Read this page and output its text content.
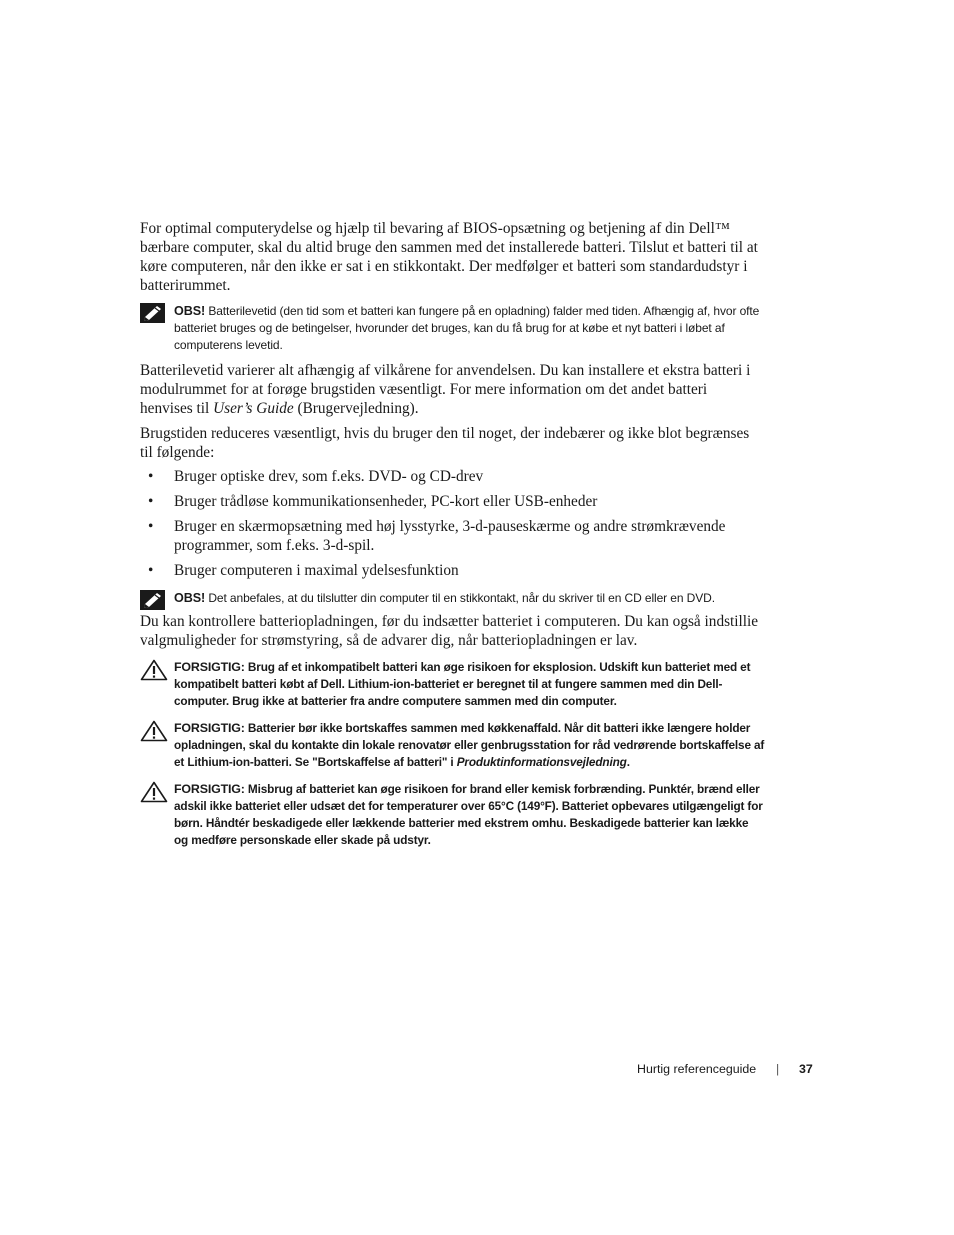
For optimal computerydelse og hjælp til bevaring af BIOS-opsætning og betjening af din Dell™ bærbare computer, skal du altid bruge den sammen med det installerede batteri. Tilslut et batteri til at køre computeren, når den ikke er sat i en stikkontakt. Der medfølger et batteri som standardudstyr i batterirummet.

OBS! Batterilevetid (den tid som et batteri kan fungere på en opladning) falder med tiden. Afhængig af, hvor ofte batteriet bruges og de betingelser, hvorunder det bruges, kan du få brug for at købe et nyt batteri i løbet af computerens levetid.

Batterilevetid varierer alt afhængig af vilkårene for anvendelsen. Du kan installere et ekstra batteri i modulrummet for at forøge brugstiden væsentligt. For mere information om det andet batteri henvises til User’s Guide (Brugervejledning).

Brugstiden reduceres væsentligt, hvis du bruger den til noget, der indebærer og ikke blot begrænses til følgende:

• Bruger optiske drev, som f.eks. DVD- og CD-drev
• Bruger trådløse kommunikationsenheder, PC-kort eller USB-enheder
• Bruger en skærmopsætning med høj lysstyrke, 3-d-pauseskærme og andre strømkrævende programmer, som f.eks. 3-d-spil.
• Bruger computeren i maximal ydelsesfunktion
OBS! Det anbefales, at du tilslutter din computer til en stikkontakt, når du skriver til en CD eller en DVD.

Du kan kontrollere batteriopladningen, før du indsætter batteriet i computeren. Du kan også indstillie valgmuligheder for strømstyring, så de advarer dig, når batteriopladningen er lav.

FORSIGTIG: Brug af et inkompatibelt batteri kan øge risikoen for eksplosion. Udskift kun batteriet med et kompatibelt batteri købt af Dell. Lithium-ion-batteriet er beregnet til at fungere sammen med din Dell-computer. Brug ikke at batterier fra andre computere sammen med din computer.
FORSIGTIG: Batterier bør ikke bortskaffes sammen med køkkenaffald. Når dit batteri ikke længere holder opladningen, skal du kontakte din lokale renovatør eller genbrugsstation for råd vedrørende bortskaffelse af et Lithium-ion-batteri. Se "Bortskaffelse af batteri" i Produktinformationsvejledning.
FORSIGTIG: Misbrug af batteriet kan øge risikoen for brand eller kemisk forbrænding. Punktér, brænd eller adskil ikke batteriet eller udsæt det for temperaturer over 65°C (149°F). Batteriet opbevares utilgængeligt for børn. Håndtér beskadigede eller lækkende batterier med ekstrem omhu. Beskadigede batterier kan lække og medføre personskade eller skade på udstyr.
Hurtig referenceguide | 37
